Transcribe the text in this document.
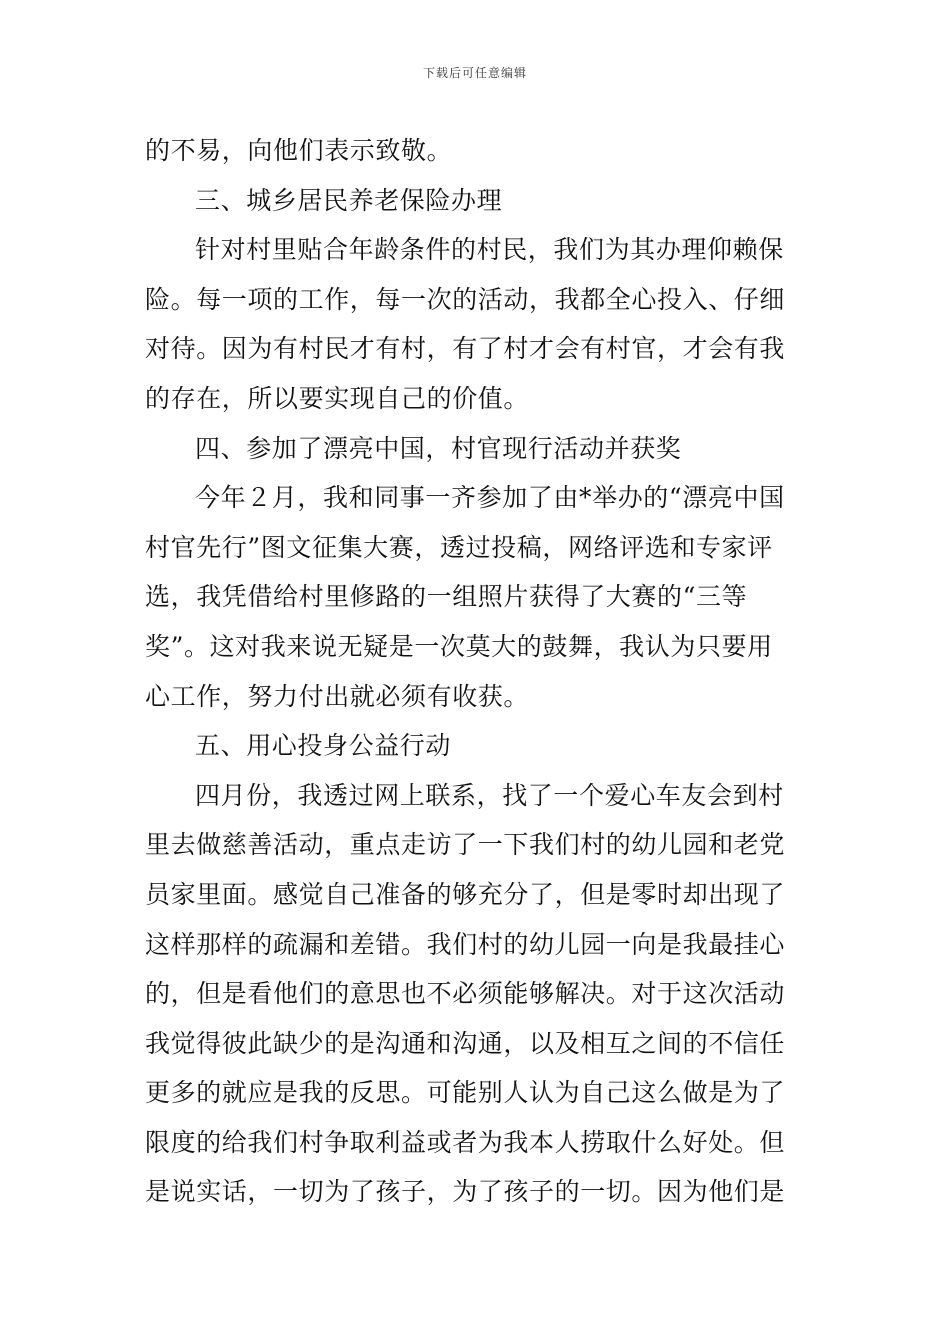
下载后可任意编辑
的不易，向他们表示致敬。
三、城乡居民养老保险办理
针对村里贴合年龄条件的村民，我们为其办理仰赖保
险。每一项的工作，每一次的活动，我都全心投入、仔细
对待。因为有村民才有村，有了村才会有村官，才会有我
的存在，所以要实现自己的价值。
四、参加了漂亮中国，村官现行活动并获奖
今年２月，我和同事一齐参加了由*举办的“漂亮中国
村官先行”图文征集大赛，透过投稿，网络评选和专家评
选，我凭借给村里修路的一组照片获得了大赛的“三等
奖”。这对我来说无疑是一次莫大的鼓舞，我认为只要用
心工作，努力付出就必须有收获。
五、用心投身公益行动
四月份，我透过网上联系，找了一个爱心车友会到村
里去做慈善活动，重点走访了一下我们村的幼儿园和老党
员家里面。感觉自己准备的够充分了，但是零时却出现了
这样那样的疏漏和差错。我们村的幼儿园一向是我最挂心
的，但是看他们的意思也不必须能够解决。对于这次活动
我觉得彼此缺少的是沟通和沟通，以及相互之间的不信任
更多的就应是我的反思。可能别人认为自己这么做是为了
限度的给我们村争取利益或者为我本人捞取什么好处。但
是说实话，一切为了孩子，为了孩子的一切。因为他们是
